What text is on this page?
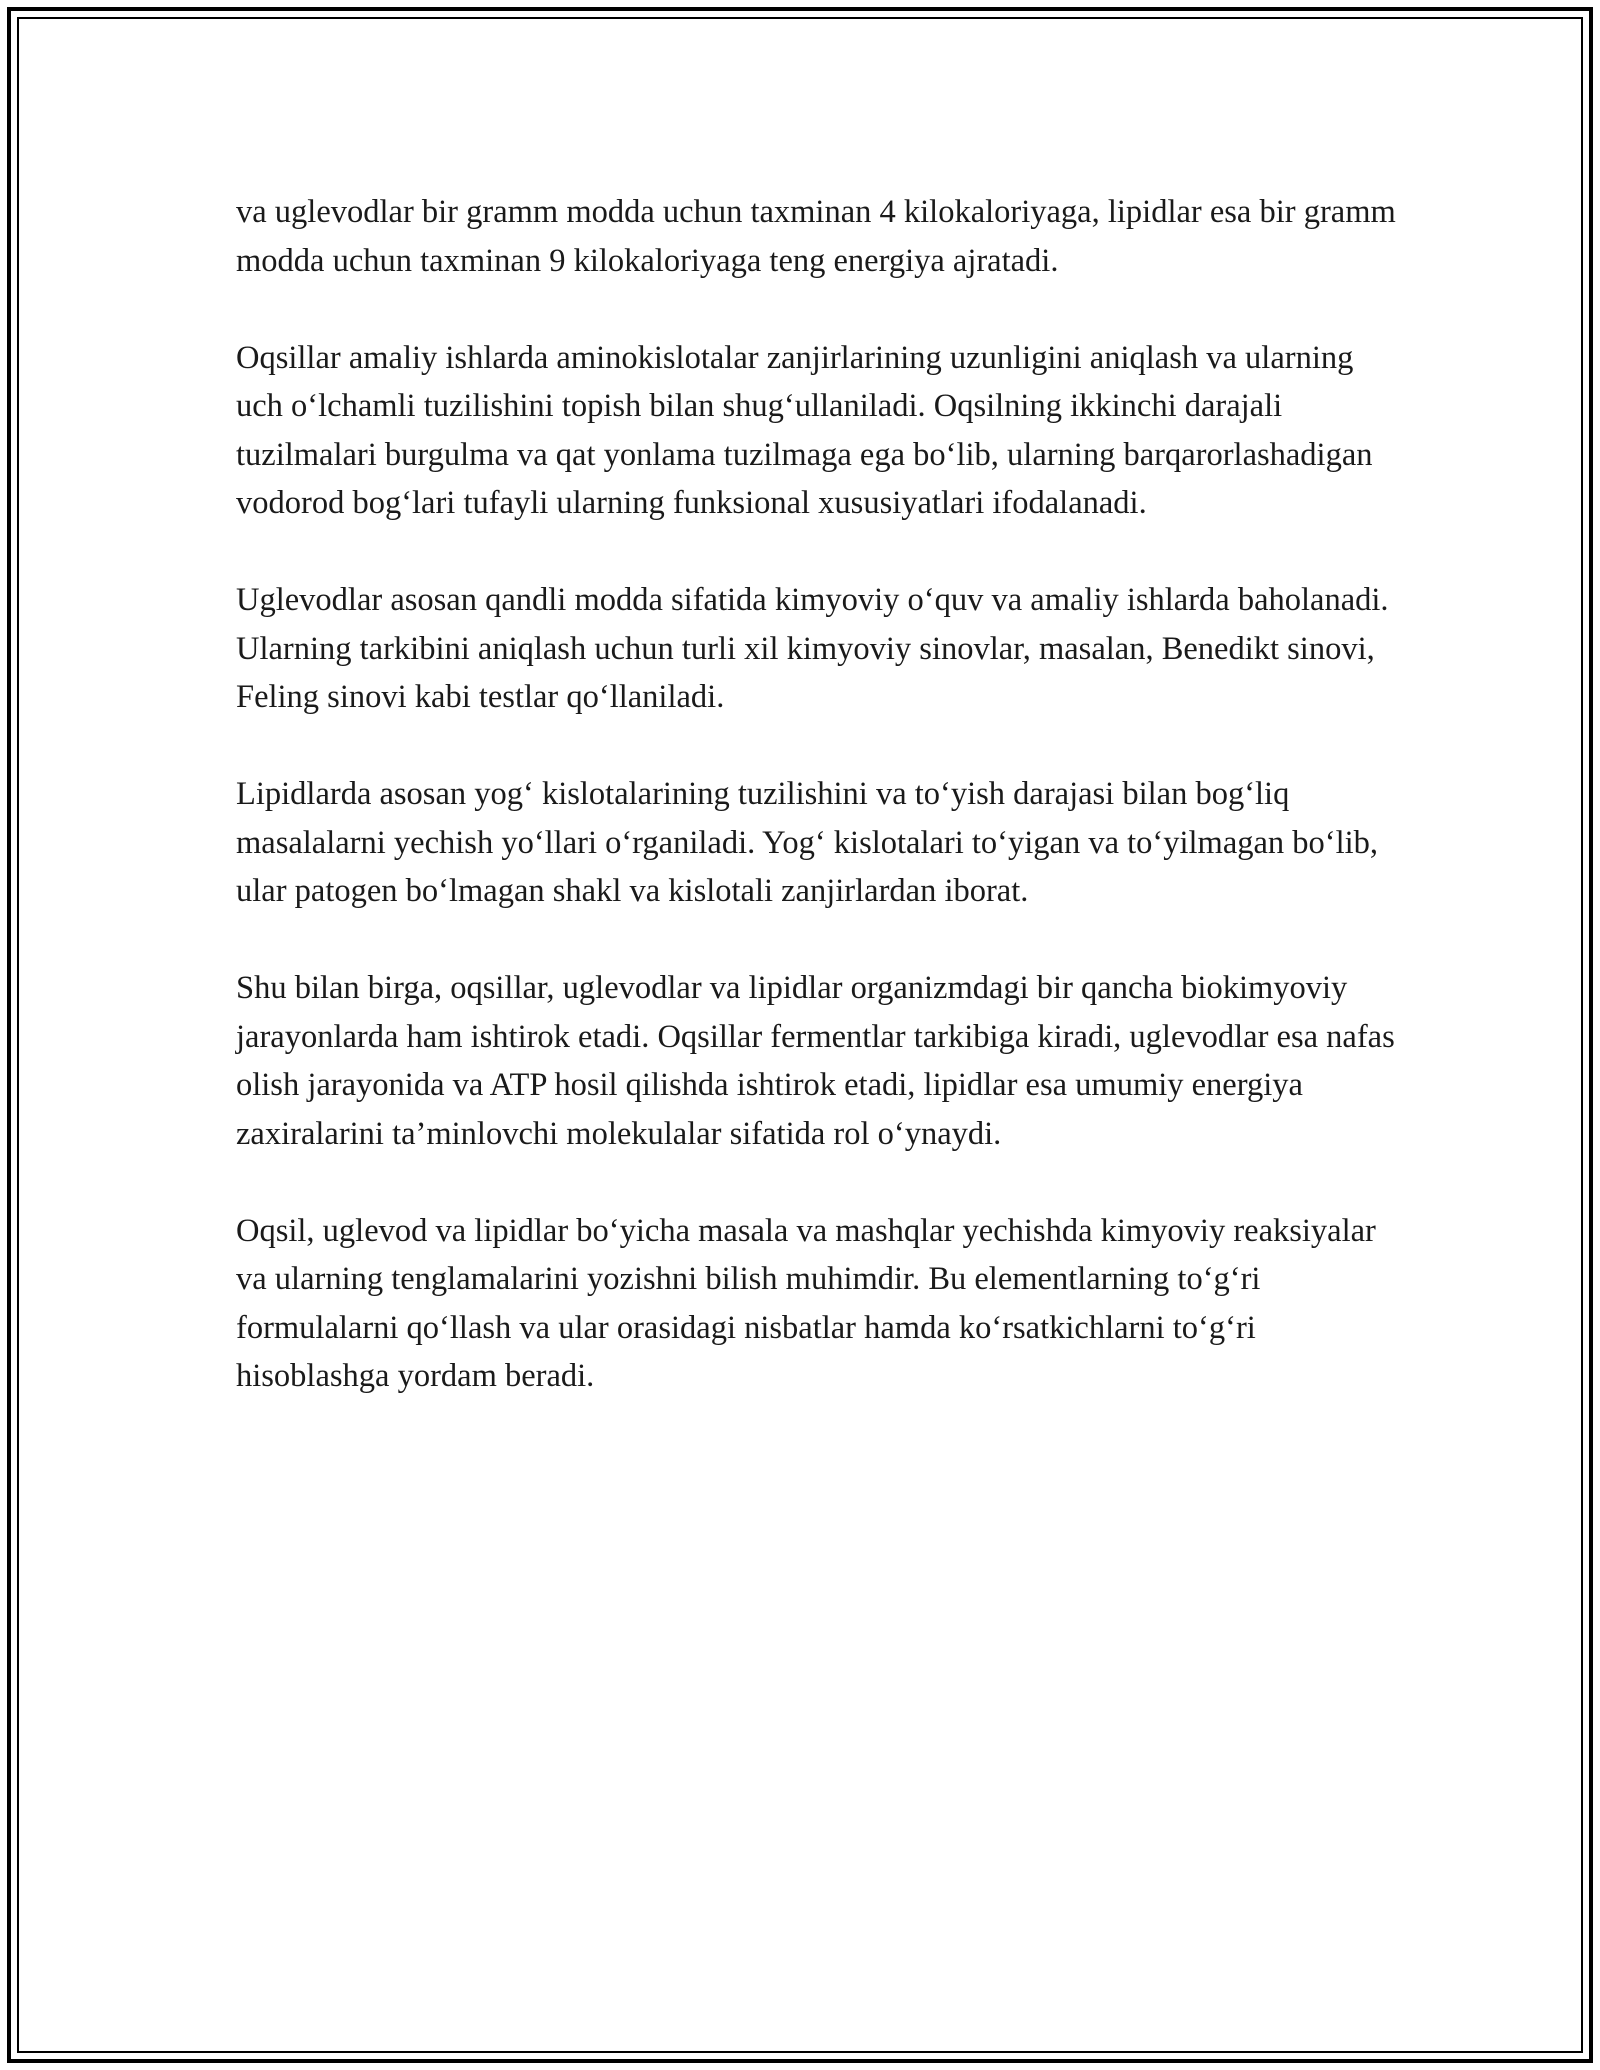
va uglevodlar bir gramm modda uchun taxminan 4 kilokaloriyaga, lipidlar esa bir gramm modda uchun taxminan 9 kilokaloriyaga teng energiya ajratadi.

Oqsillar amaliy ishlarda aminokislotalar zanjirlarining uzunligini aniqlash va ularning uch o‘lchamli tuzilishini topish bilan shug‘ullaniladi. Oqsilning ikkinchi darajali tuzilmalari burgulma va qat yonlama tuzilmaga ega bo‘lib, ularning barqarorlashadigan vodorod bog‘lari tufayli ularning funksional xususiyatlari ifodalanadi.

Uglevodlar asosan qandli modda sifatida kimyoviy o‘quv va amaliy ishlarda baholanadi. Ularning tarkibini aniqlash uchun turli xil kimyoviy sinovlar, masalan, Benedikt sinovi, Feling sinovi kabi testlar qo‘llaniladi.

Lipidlarda asosan yog‘ kislotalarining tuzilishini va to‘yish darajasi bilan bog‘liq masalalarni yechish yo‘llari o‘rganiladi. Yog‘ kislotalari to‘yigan va to‘yilmagan bo‘lib, ular patogen bo‘lmagan shakl va kislotali zanjirlardan iborat.

Shu bilan birga, oqsillar, uglevodlar va lipidlar organizmdagi bir qancha biokimyoviy jarayonlarda ham ishtirok etadi. Oqsillar fermentlar tarkibiga kiradi, uglevodlar esa nafas olish jarayonida va ATP hosil qilishda ishtirok etadi, lipidlar esa umumiy energiya zaxiralarini ta’minlovchi molekulalar sifatida rol o‘ynaydi.

Oqsil, uglevod va lipidlar bo‘yicha masala va mashqlar yechishda kimyoviy reaksiyalar va ularning tenglamalarini yozishni bilish muhimdir. Bu elementlarning to‘g‘ri formulalarni qo‘llash va ular orasidagi nisbatlar hamda ko‘rsatkichlarni to‘g‘ri hisoblashga yordam beradi.
